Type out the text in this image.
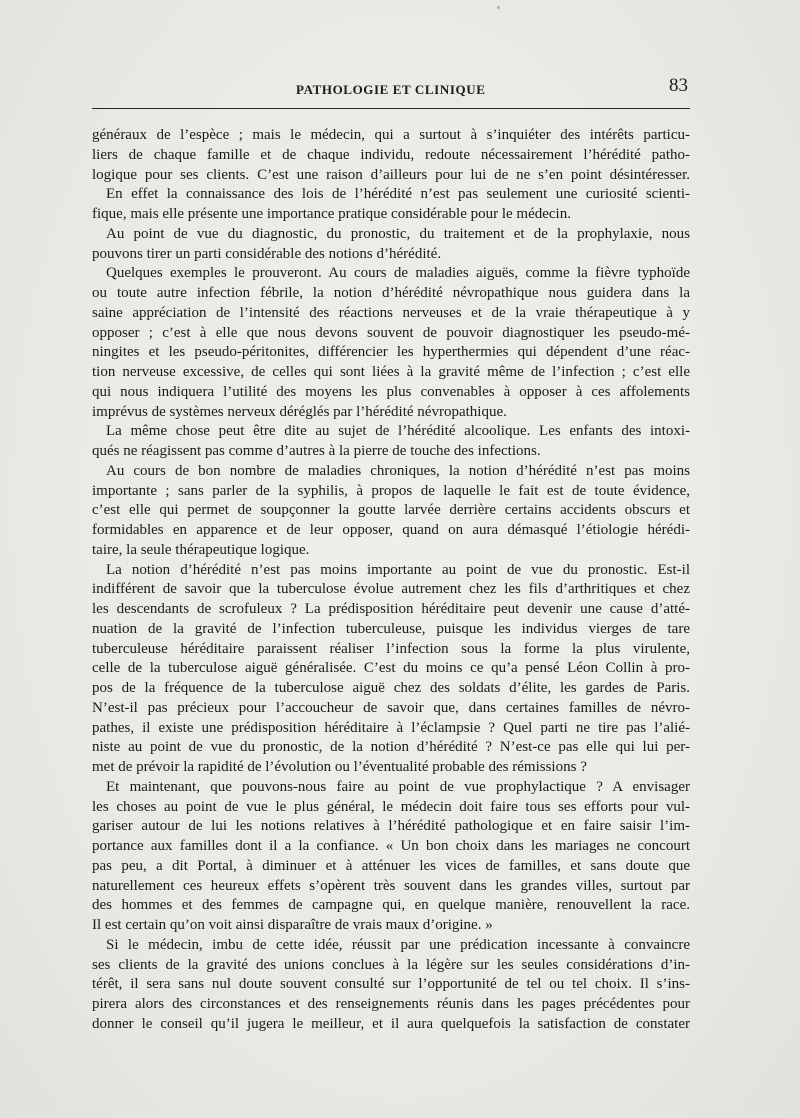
PATHOLOGIE ET CLINIQUE	83
généraux de l’espèce ; mais le médecin, qui a surtout à s’inquiéter des intérêts particu-
liers de chaque famille et de chaque individu, redoute nécessairement l’hérédité patho-
logique pour ses clients. C’est une raison d’ailleurs pour lui de ne s’en point désintéresser.
En effet la connaissance des lois de l’hérédité n’est pas seulement une curiosité scienti-
fique, mais elle présente une importance pratique considérable pour le médecin.
Au point de vue du diagnostic, du pronostic, du traitement et de la prophylaxie, nous
pouvons tirer un parti considérable des notions d’hérédité.
Quelques exemples le prouveront. Au cours de maladies aiguës, comme la fièvre typhoïde
ou toute autre infection fébrile, la notion d’hérédité névropathique nous guidera dans la
saine appréciation de l’intensité des réactions nerveuses et de la vraie thérapeutique à y
opposer ; c’est à elle que nous devons souvent de pouvoir diagnostiquer les pseudo-mé-
ningites et les pseudo-péritonites, différencier les hyperthermies qui dépendent d’une réac-
tion nerveuse excessive, de celles qui sont liées à la gravité même de l’infection ; c’est elle
qui nous indiquera l’utilité des moyens les plus convenables à opposer à ces affolements
imprévus de systèmes nerveux déréglés par l’hérédité névropathique.
La même chose peut être dite au sujet de l’hérédité alcoolique. Les enfants des intoxi-
qués ne réagissent pas comme d’autres à la pierre de touche des infections.
Au cours de bon nombre de maladies chroniques, la notion d’hérédité n’est pas moins
importante ; sans parler de la syphilis, à propos de laquelle le fait est de toute évidence,
c’est elle qui permet de soupçonner la goutte larvée derrière certains accidents obscurs et
formidables en apparence et de leur opposer, quand on aura démasqué l’étiologie hérédi-
taire, la seule thérapeutique logique.
La notion d’hérédité n’est pas moins importante au point de vue du pronostic. Est-il
indifférent de savoir que la tuberculose évolue autrement chez les fils d’arthritiques et chez
les descendants de scrofuleux ? La prédisposition héréditaire peut devenir une cause d’atté-
nuation de la gravité de l’infection tuberculeuse, puisque les individus vierges de tare
tuberculeuse héréditaire paraissent réaliser l’infection sous la forme la plus virulente,
celle de la tuberculose aiguë généralisée. C’est du moins ce qu’a pensé Léon Collin à pro-
pos de la fréquence de la tuberculose aiguë chez des soldats d’élite, les gardes de Paris.
N’est-il pas précieux pour l’accoucheur de savoir que, dans certaines familles de névro-
pathes, il existe une prédisposition héréditaire à l’éclampsie ? Quel parti ne tire pas l’alié-
niste au point de vue du pronostic, de la notion d’hérédité ? N’est-ce pas elle qui lui per-
met de prévoir la rapidité de l’évolution ou l’éventualité probable des rémissions ?
Et maintenant, que pouvons-nous faire au point de vue prophylactique ? A envisager
les choses au point de vue le plus général, le médecin doit faire tous ses efforts pour vul-
gariser autour de lui les notions relatives à l’hérédité pathologique et en faire saisir l’im-
portance aux familles dont il a la confiance. « Un bon choix dans les mariages ne concourt
pas peu, a dit Portal, à diminuer et à atténuer les vices de familles, et sans doute que
naturellement ces heureux effets s’opèrent très souvent dans les grandes villes, surtout par
des hommes et des femmes de campagne qui, en quelque manière, renouvellent la race.
Il est certain qu’on voit ainsi disparaître de vrais maux d’origine. »
Si le médecin, imbu de cette idée, réussit par une prédication incessante à convaincre
ses clients de la gravité des unions conclues à la légère sur les seules considérations d’in-
térêt, il sera sans nul doute souvent consulté sur l’opportunité de tel ou tel choix. Il s’ins-
pirera alors des circonstances et des renseignements réunis dans les pages précédentes pour
donner le conseil qu’il jugera le meilleur, et il aura quelquefois la satisfaction de constater
